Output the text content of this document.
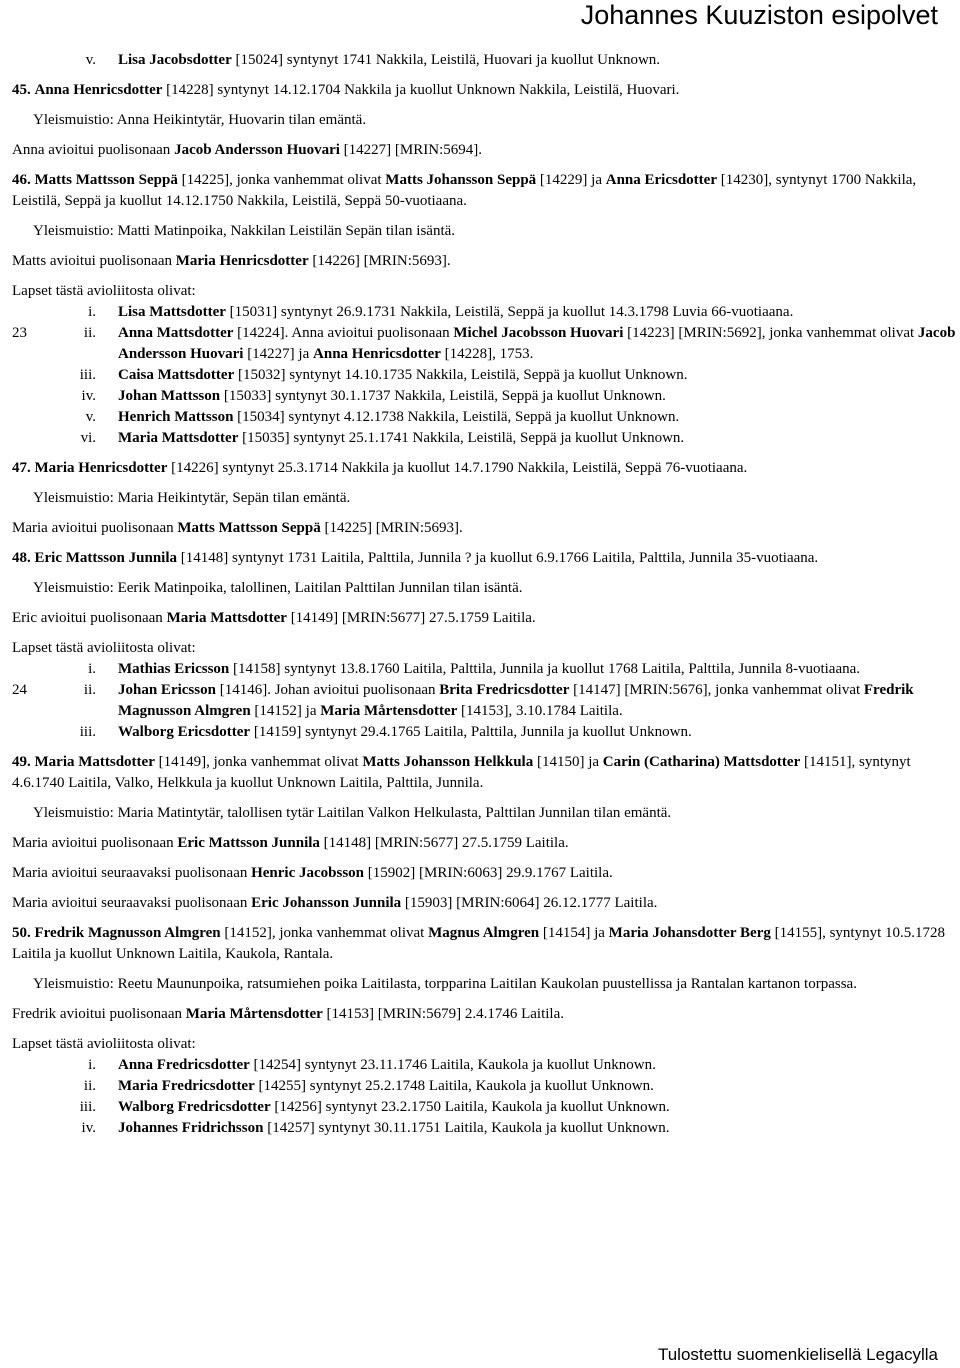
Johannes Kuuziston esipolvet
v.	Lisa Jacobsdotter [15024] syntynyt 1741 Nakkila, Leistilä, Huovari ja kuollut Unknown.

45. Anna Henricsdotter [14228] syntynyt 14.12.1704 Nakkila ja kuollut Unknown Nakkila, Leistilä, Huovari.

Yleismuistio: Anna Heikintytär, Huovarin tilan emäntä.

Anna avioitui puolisonaan Jacob Andersson Huovari [14227] [MRIN:5694].

46. Matts Mattsson Seppä [14225], jonka vanhemmat olivat Matts Johansson Seppä [14229] ja Anna Ericsdotter [14230], syntynyt 1700 Nakkila, Leistilä, Seppä ja kuollut 14.12.1750 Nakkila, Leistilä, Seppä 50-vuotiaana.

Yleismuistio: Matti Matinpoika, Nakkilan Leistilän Sepän tilan isäntä.

Matts avioitui puolisonaan Maria Henricsdotter [14226] [MRIN:5693].

Lapset tästä avioliitosta olivat:
i.	Lisa Mattsdotter [15031] syntynyt 26.9.1731 Nakkila, Leistilä, Seppä ja kuollut 14.3.1798 Luvia 66-vuotiaana.
23	ii.	Anna Mattsdotter [14224]. Anna avioitui puolisonaan Michel Jacobsson Huovari [14223] [MRIN:5692], jonka vanhemmat olivat Jacob Andersson Huovari [14227] ja Anna Henricsdotter [14228], 1753.
iii.	Caisa Mattsdotter [15032] syntynyt 14.10.1735 Nakkila, Leistilä, Seppä ja kuollut Unknown.
iv.	Johan Mattsson [15033] syntynyt 30.1.1737 Nakkila, Leistilä, Seppä ja kuollut Unknown.
v.	Henrich Mattsson [15034] syntynyt 4.12.1738 Nakkila, Leistilä, Seppä ja kuollut Unknown.
vi.	Maria Mattsdotter [15035] syntynyt 25.1.1741 Nakkila, Leistilä, Seppä ja kuollut Unknown.

47. Maria Henricsdotter [14226] syntynyt 25.3.1714 Nakkila ja kuollut 14.7.1790 Nakkila, Leistilä, Seppä 76-vuotiaana.

Yleismuistio: Maria Heikintytär, Sepän tilan emäntä.

Maria avioitui puolisonaan Matts Mattsson Seppä [14225] [MRIN:5693].

48. Eric Mattsson Junnila [14148] syntynyt 1731 Laitila, Palttila, Junnila ? ja kuollut 6.9.1766 Laitila, Palttila, Junnila 35-vuotiaana.

Yleismuistio: Eerik Matinpoika, talollinen, Laitilan Palttilan Junnilan tilan isäntä.

Eric avioitui puolisonaan Maria Mattsdotter [14149] [MRIN:5677] 27.5.1759 Laitila.

Lapset tästä avioliitosta olivat:
i.	Mathias Ericsson [14158] syntynyt 13.8.1760 Laitila, Palttila, Junnila ja kuollut 1768 Laitila, Palttila, Junnila 8-vuotiaana.
24	ii.	Johan Ericsson [14146]. Johan avioitui puolisonaan Brita Fredricsdotter [14147] [MRIN:5676], jonka vanhemmat olivat Fredrik Magnusson Almgren [14152] ja Maria Mårtensdotter [14153], 3.10.1784 Laitila.
iii.	Walborg Ericsdotter [14159] syntynyt 29.4.1765 Laitila, Palttila, Junnila ja kuollut Unknown.

49. Maria Mattsdotter [14149], jonka vanhemmat olivat Matts Johansson Helkkula [14150] ja Carin (Catharina) Mattsdotter [14151], syntynyt 4.6.1740 Laitila, Valko, Helkkula ja kuollut Unknown Laitila, Palttila, Junnila.

Yleismuistio: Maria Matintytär, talollisen tytär Laitilan Valkon Helkulasta, Palttilan Junnilan tilan emäntä.

Maria avioitui puolisonaan Eric Mattsson Junnila [14148] [MRIN:5677] 27.5.1759 Laitila.

Maria avioitui seuraavaksi puolisonaan Henric Jacobsson [15902] [MRIN:6063] 29.9.1767 Laitila.

Maria avioitui seuraavaksi puolisonaan Eric Johansson Junnila [15903] [MRIN:6064] 26.12.1777 Laitila.

50. Fredrik Magnusson Almgren [14152], jonka vanhemmat olivat Magnus Almgren [14154] ja Maria Johansdotter Berg [14155], syntynyt 10.5.1728 Laitila ja kuollut Unknown Laitila, Kaukola, Rantala.

Yleismuistio: Reetu Maununpoika, ratsumiehen poika Laitilasta, torpparina Laitilan Kaukolan puustellissa ja Rantalan kartanon torpassa.

Fredrik avioitui puolisonaan Maria Mårtensdotter [14153] [MRIN:5679] 2.4.1746 Laitila.

Lapset tästä avioliitosta olivat:
i.	Anna Fredricsdotter [14254] syntynyt 23.11.1746 Laitila, Kaukola ja kuollut Unknown.
ii.	Maria Fredricsdotter [14255] syntynyt 25.2.1748 Laitila, Kaukola ja kuollut Unknown.
iii.	Walborg Fredricsdotter [14256] syntynyt 23.2.1750 Laitila, Kaukola ja kuollut Unknown.
iv.	Johannes Fridrichsson [14257] syntynyt 30.11.1751 Laitila, Kaukola ja kuollut Unknown.
Tulostettu suomenkielisellä Legacylla
